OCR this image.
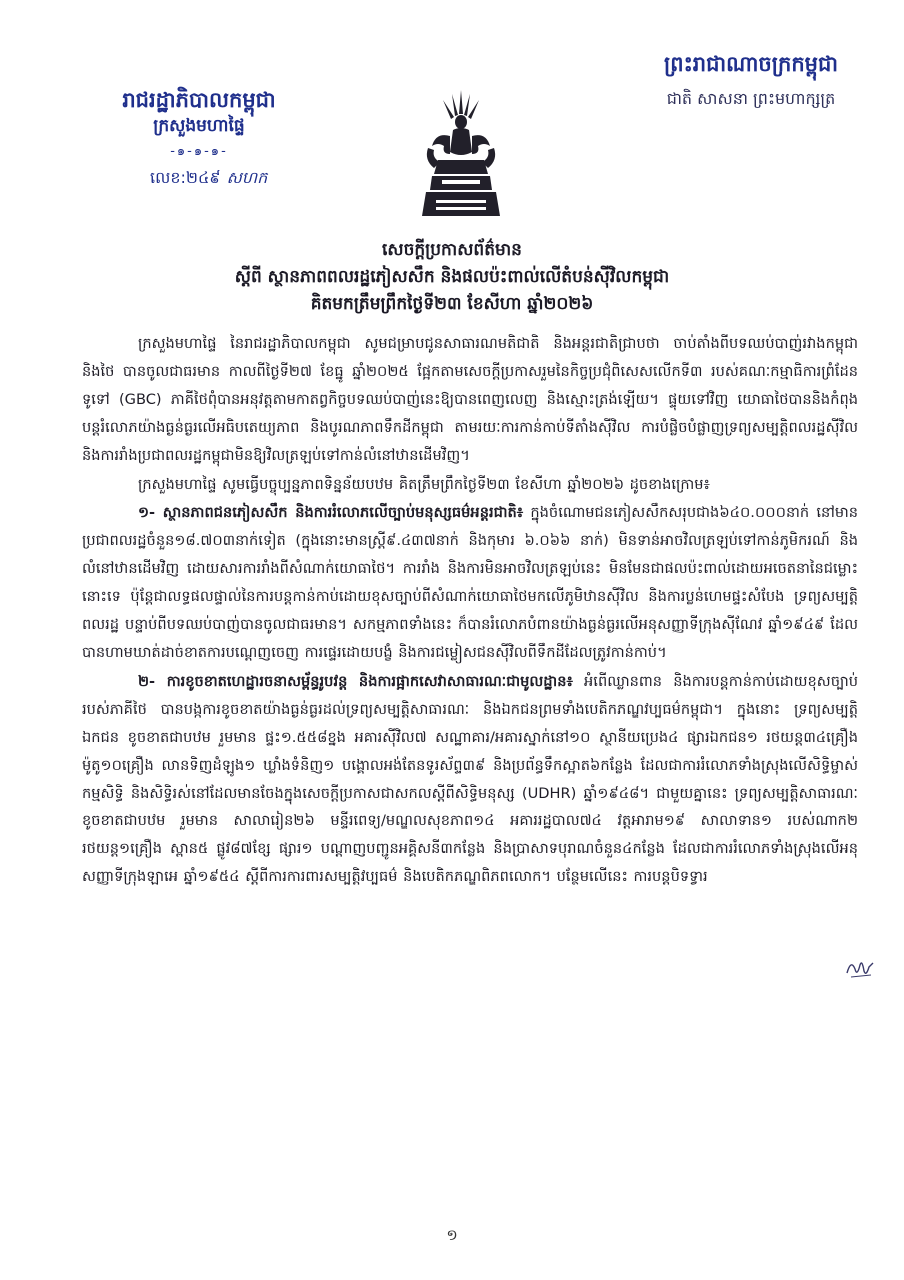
រាជរដ្ឋាភិបាលកម្ពុជា
ក្រសួងមហាផ្ទៃ
-๑-๑-๑-
លេខ:២៤៩ សហក
ព្រះរាជាណាចក្រកម្ពុជា
ជាតិ សាសនា ព្រះមហាក្សត្រ
សេចក្តីប្រកាសព័ត៌មាន
ស្តីពី ស្ថានភាពពលរដ្ឋភៀសសឹក និងផលប៉ះពាល់លើតំបន់ស៊ីវិលកម្ពុជា
គិតមកត្រឹមព្រឹកថ្ងៃទី២៣ ខែសីហា ឆ្នាំ២០២៦

ក្រសួងមហាផ្ទៃ នៃរាជរដ្ឋាភិបាលកម្ពុជា សូមជម្រាបជូនសាធារណមតិជាតិ និងអន្តរជាតិជ្រាបថា ចាប់តាំងពីបទឈប់បាញ់រវាងកម្ពុជា និងថៃ បានចូលជាធរមាន កាលពីថ្ងៃទី២៧ ខែធ្នូ ឆ្នាំ២០២៥ ផ្អែកតាមសេចក្តីប្រកាសរួមនៃកិច្ចប្រជុំពិសេសលើកទី៣ របស់គណៈកម្មាធិការព្រំដែនទូទៅ (GBC) ភាគីថៃពុំបានអនុវត្តតាមកាតព្វកិច្ចបទឈប់បាញ់នេះឱ្យបានពេញលេញ និងស្មោះត្រង់ឡើយ។ ផ្ទុយទៅវិញ យោធាថៃបាននិងកំពុងបន្តរំលោភយ៉ាងធ្ងន់ធ្ងរលើអធិបតេយ្យភាព និងបូរណភាពទឹកដីកម្ពុជា តាមរយៈការកាន់កាប់ទីតាំងស៊ីវិល ការបំផ្លិចបំផ្លាញទ្រព្យសម្បត្តិពលរដ្ឋស៊ីវិល និងការរាំងប្រជាពលរដ្ឋកម្ពុជាមិនឱ្យវិលត្រឡប់ទៅកាន់លំនៅឋានដើមវិញ។

ក្រសួងមហាផ្ទៃ សូមធ្វើបច្ចុប្បន្នភាពទិន្នន័យបឋម គិតត្រឹមព្រឹកថ្ងៃទី២៣ ខែសីហា ឆ្នាំ២០២៦ ដូចខាងក្រោម៖

១- ស្ថានភាពជនភៀសសឹក និងការរំលោភលើច្បាប់មនុស្សធម៌អន្តរជាតិ៖ ក្នុងចំណោមជនភៀសសឹកសរុបជាង៦៤០.០០០នាក់ នៅមានប្រជាពលរដ្ឋចំនួន១៨.៧០៣នាក់ទៀត (ក្នុងនោះមានស្ត្រី៩.៤៣៧នាក់ និងកុមារ ៦.០៦៦ នាក់) មិនទាន់អាចវិលត្រឡប់ទៅកាន់ភូមិករណ៍ និងលំនៅឋានដើមវិញ ដោយសារការរាំងពីសំណាក់យោធាថៃ។ ការរាំង និងការមិនអាចវិលត្រឡប់នេះ មិនមែនជាផលប៉ះពាល់ដោយអចេតនានៃជម្លោះនោះទេ ប៉ុន្តែជាលទ្ធផលផ្ទាល់នៃការបន្តកាន់កាប់ដោយខុសច្បាប់ពីសំណាក់យោធាថៃមកលើភូមិឋានស៊ីវិល និងការប្លន់ហេមផ្ទះសំបែង ទ្រព្យសម្បត្តិពលរដ្ឋ បន្ទាប់ពីបទឈប់បាញ់បានចូលជាធរមាន។ សកម្មភាពទាំងនេះ ក៏បានរំលោភបំពានយ៉ាងធ្ងន់ធ្ងរលើអនុសញ្ញាទីក្រុងស៊ីណែវ ឆ្នាំ១៩៤៩ ដែលបានហាមឃាត់ដាច់ខាតការបណ្តេញចេញ ការផ្ទេរដោយបង្ខំ និងការជម្លៀសជនស៊ីវិលពីទឹកដីដែលត្រូវកាន់កាប់។

២- ការខូចខាតហេដ្ឋារចនាសម្ព័ន្ធរូបវន្ត និងការផ្អាកសេវាសាធារណៈជាមូលដ្ឋាន៖ អំពើឈ្លានពាន និងការបន្តកាន់កាប់ដោយខុសច្បាប់របស់ភាគីថៃ បានបង្កការខូចខាតយ៉ាងធ្ងន់ធ្ងរដល់ទ្រព្យសម្បត្តិសាធារណៈ និងឯកជនព្រមទាំងបេតិកភណ្ឌវប្បធម៌កម្ពុជា។ ក្នុងនោះ ទ្រព្យសម្បត្តិឯកជន ខូចខាតជាបឋម រួមមាន ផ្ទះ១.៥៥៨ខ្នង អគារស៊ីវិល៧ សណ្ឋាគារ/អគារស្នាក់នៅ១០ ស្ថានីយប្រេង៤ ផ្សារឯកជន១ រថយន្ត៣៤គ្រឿង ម៉ូតូ១០គ្រឿង លានទិញដំឡូង១ ឃ្លាំងទំនិញ១ បង្គោលអង់តែនទូរស័ព្ទ៣៩ និងប្រព័ន្ធទឹកស្អាត៦កន្លែង ដែលជាការរំលោភទាំងស្រុងលើសិទ្ធិម្ចាស់កម្មសិទ្ធិ និងសិទ្ធិរស់នៅដែលមានចែងក្នុងសេចក្តីប្រកាសជាសកលស្តីពីសិទ្ធិមនុស្ស (UDHR) ឆ្នាំ១៩៤៨។ ជាមួយគ្នានេះ ទ្រព្យសម្បត្តិសាធារណៈ ខូចខាតជាបឋម រួមមាន សាលារៀន២៦ មន្ទីរពេទ្យ/មណ្ឌលសុខភាព១៤ អគាររដ្ឋបាល៧៤ វត្តអារាម១៩ សាលាទាន១ របស់ណាក២ រថយន្ត១គ្រឿង ស្ពាន៥ ផ្លូវ៨៧ខ្សែ ផ្សារ១ បណ្តាញបញ្ជូនអគ្គិសនី៣កន្លែង និងប្រាសាទបុរាណចំនួន៤កន្លែង ដែលជាការរំលោភទាំងស្រុងលើអនុសញ្ញាទីក្រុងឡាអេ ឆ្នាំ១៩៥៤ ស្តីពីការការពារសម្បត្តិវប្បធម៌ និងបេតិកភណ្ឌពិភពលោក។ បន្ថែមលើនេះ ការបន្តបិទទ្វារ

១
